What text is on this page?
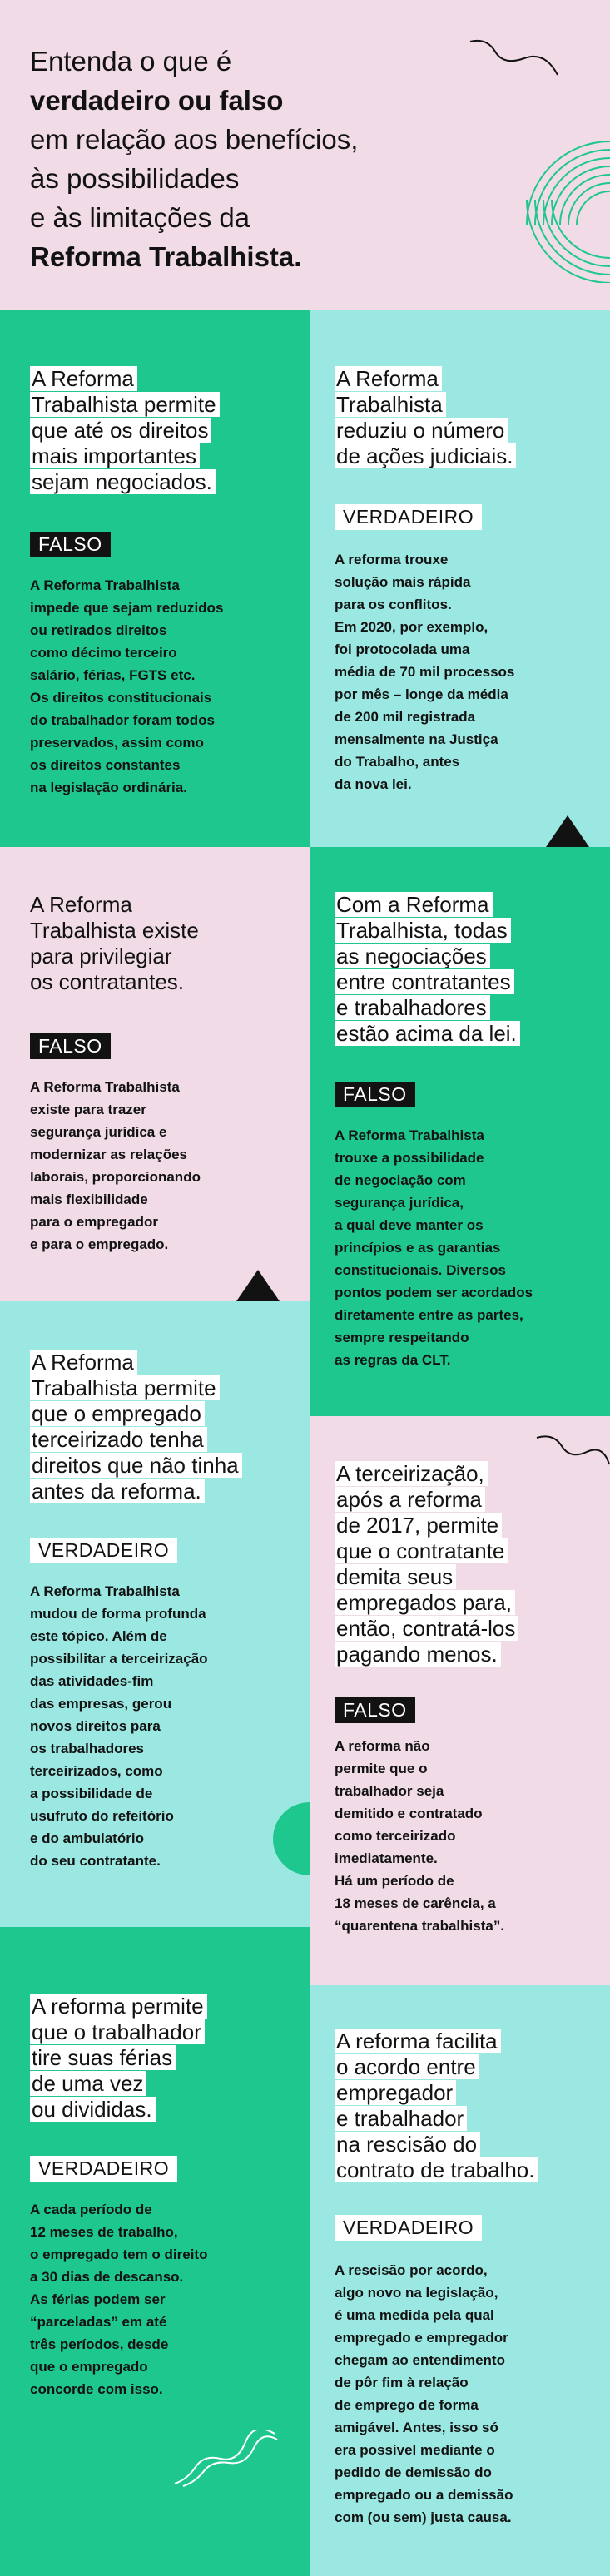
Entenda o que é
verdadeiro ou falso
em relação aos benefícios,
às possibilidades
e às limitações da
Reforma Trabalhista.
A Reforma
Trabalhista permite
que até os direitos
mais importantes
sejam negociados.
FALSO
A Reforma Trabalhista
impede que sejam reduzidos
ou retirados direitos
como décimo terceiro
salário, férias, FGTS etc.
Os direitos constitucionais
do trabalhador foram todos
preservados, assim como
os direitos constantes
na legislação ordinária.
A Reforma
Trabalhista
reduziu o número
de ações judiciais.
VERDADEIRO
A reforma trouxe
solução mais rápida
para os conflitos.
Em 2020, por exemplo,
foi protocolada uma
média de 70 mil processos
por mês – longe da média
de 200 mil registrada
mensalmente na Justiça
do Trabalho, antes
da nova lei.
A Reforma
Trabalhista existe
para privilegiar
os contratantes.
FALSO
A Reforma Trabalhista
existe para trazer
segurança jurídica e
modernizar as relações
laborais, proporcionando
mais flexibilidade
para o empregador
e para o empregado.
Com a Reforma
Trabalhista, todas
as negociações
entre contratantes
e trabalhadores
estão acima da lei.
FALSO
A Reforma Trabalhista
trouxe a possibilidade
de negociação com
segurança jurídica,
a qual deve manter os
princípios e as garantias
constitucionais. Diversos
pontos podem ser acordados
diretamente entre as partes,
sempre respeitando
as regras da CLT.
A Reforma
Trabalhista permite
que o empregado
terceirizado tenha
direitos que não tinha
antes da reforma.
VERDADEIRO
A Reforma Trabalhista
mudou de forma profunda
este tópico. Além de
possibilitar a terceirização
das atividades-fim
das empresas, gerou
novos direitos para
os trabalhadores
terceirizados, como
a possibilidade de
usufruto do refeitório
e do ambulatório
do seu contratante.
A terceirização,
após a reforma
de 2017, permite
que o contratante
demita seus
empregados para,
então, contratá-los
pagando menos.
FALSO
A reforma não
permite que o
trabalhador seja
demitido e contratado
como terceirizado
imediatamente.
Há um período de
18 meses de carência, a
“quarentena trabalhista”.
A reforma permite
que o trabalhador
tire suas férias
de uma vez
ou divididas.
VERDADEIRO
A cada período de
12 meses de trabalho,
o empregado tem o direito
a 30 dias de descanso.
As férias podem ser
“parceladas” em até
três períodos, desde
que o empregado
concorde com isso.
A reforma facilita
o acordo entre
empregador
e trabalhador
na rescisão do
contrato de trabalho.
VERDADEIRO
A rescisão por acordo,
algo novo na legislação,
é uma medida pela qual
empregado e empregador
chegam ao entendimento
de pôr fim à relação
de emprego de forma
amigável. Antes, isso só
era possível mediante o
pedido de demissão do
empregado ou a demissão
com (ou sem) justa causa.
